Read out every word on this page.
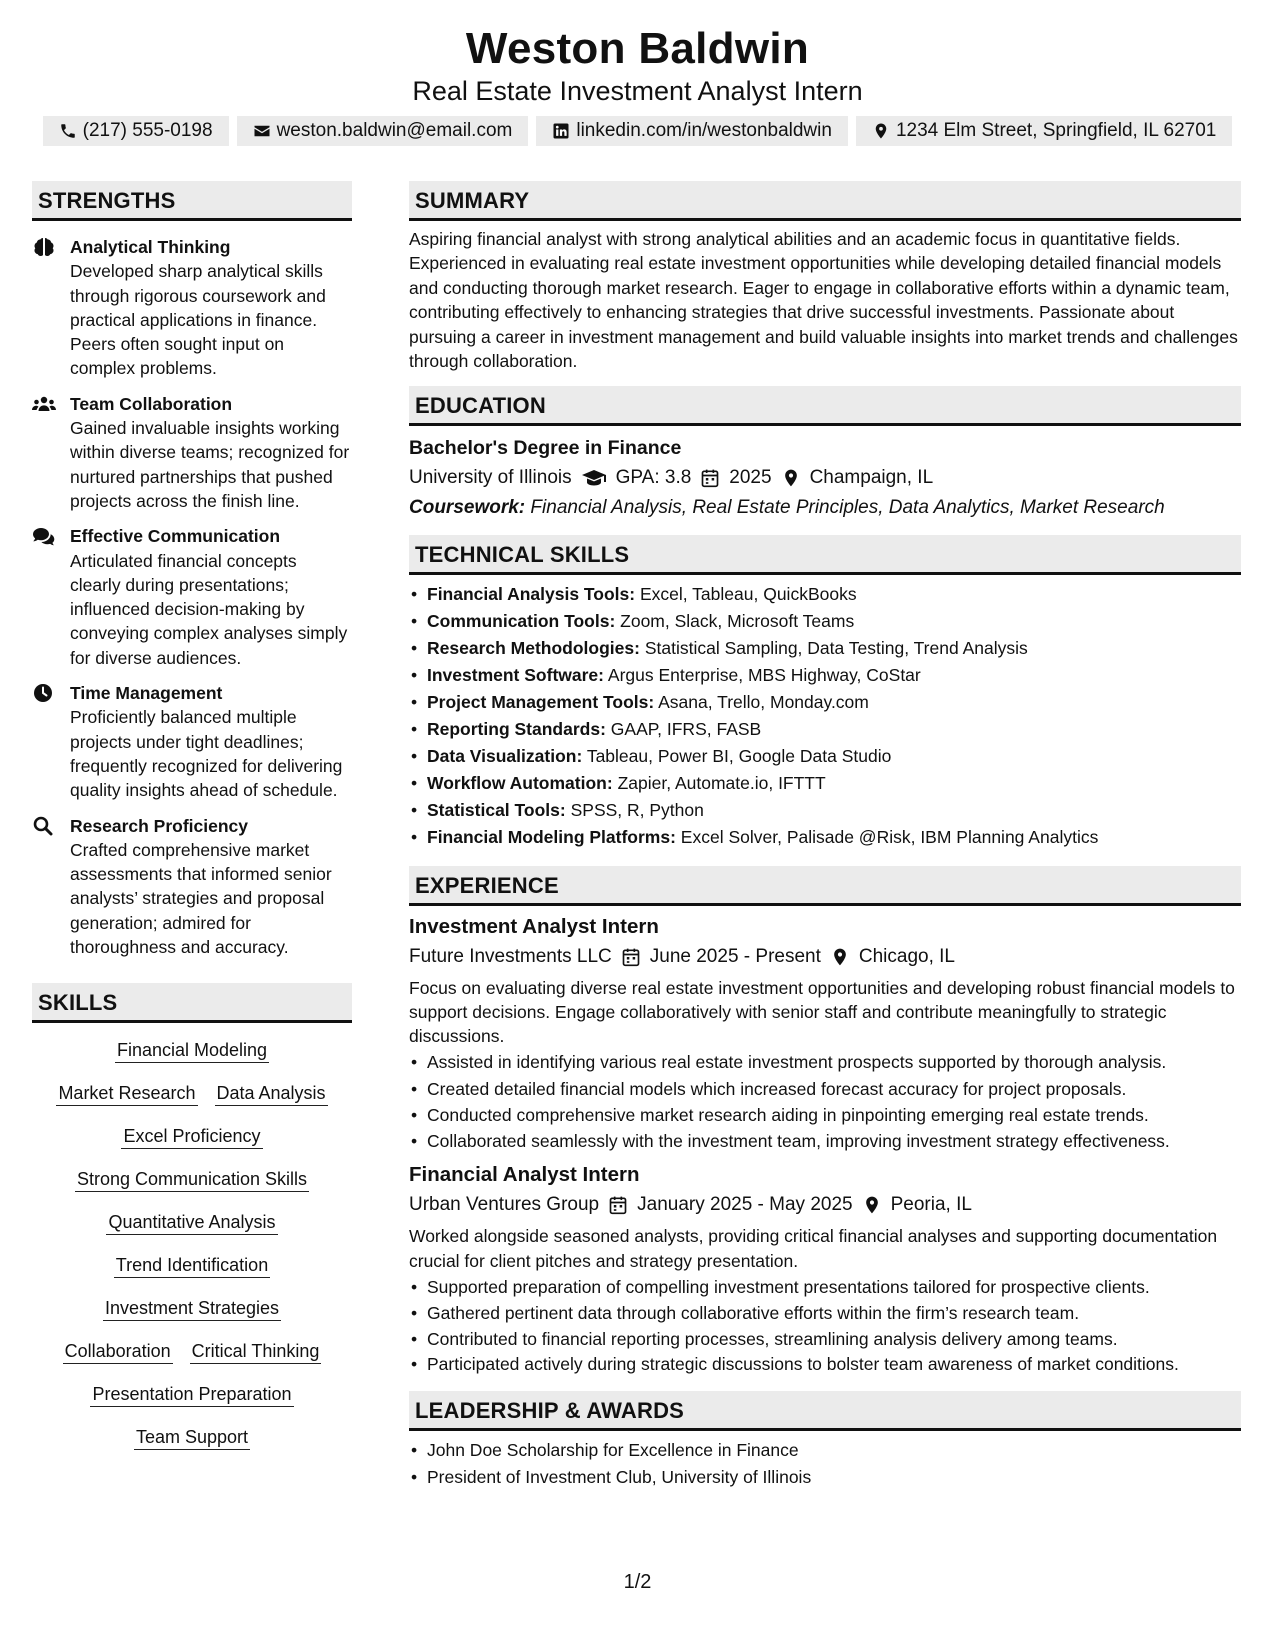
Weston Baldwin
Real Estate Investment Analyst Intern
(217) 555-0198	weston.baldwin@email.com	linkedin.com/in/westonbaldwin	1234 Elm Street, Springfield, IL 62701
STRENGTHS
Analytical Thinking
Developed sharp analytical skills through rigorous coursework and practical applications in finance. Peers often sought input on complex problems.
Team Collaboration
Gained invaluable insights working within diverse teams; recognized for nurtured partnerships that pushed projects across the finish line.
Effective Communication
Articulated financial concepts clearly during presentations; influenced decision-making by conveying complex analyses simply for diverse audiences.
Time Management
Proficiently balanced multiple projects under tight deadlines; frequently recognized for delivering quality insights ahead of schedule.
Research Proficiency
Crafted comprehensive market assessments that informed senior analysts’ strategies and proposal generation; admired for thoroughness and accuracy.
SKILLS
Financial Modeling
Market Research Data Analysis
Excel Proficiency
Strong Communication Skills
Quantitative Analysis
Trend Identification
Investment Strategies
Collaboration Critical Thinking
Presentation Preparation
Team Support
SUMMARY
Aspiring financial analyst with strong analytical abilities and an academic focus in quantitative fields. Experienced in evaluating real estate investment opportunities while developing detailed financial models and conducting thorough market research. Eager to engage in collaborative efforts within a dynamic team, contributing effectively to enhancing strategies that drive successful investments. Passionate about pursuing a career in investment management and build valuable insights into market trends and challenges through collaboration.
EDUCATION
Bachelor's Degree in Finance
University of Illinois GPA: 3.8 2025 Champaign, IL
Coursework: Financial Analysis, Real Estate Principles, Data Analytics, Market Research
TECHNICAL SKILLS
• Financial Analysis Tools: Excel, Tableau, QuickBooks
• Communication Tools: Zoom, Slack, Microsoft Teams
• Research Methodologies: Statistical Sampling, Data Testing, Trend Analysis
• Investment Software: Argus Enterprise, MBS Highway, CoStar
• Project Management Tools: Asana, Trello, Monday.com
• Reporting Standards: GAAP, IFRS, FASB
• Data Visualization: Tableau, Power BI, Google Data Studio
• Workflow Automation: Zapier, Automate.io, IFTTT
• Statistical Tools: SPSS, R, Python
• Financial Modeling Platforms: Excel Solver, Palisade @Risk, IBM Planning Analytics
EXPERIENCE
Investment Analyst Intern
Future Investments LLC June 2025 - Present Chicago, IL
Focus on evaluating diverse real estate investment opportunities and developing robust financial models to support decisions. Engage collaboratively with senior staff and contribute meaningfully to strategic discussions.
• Assisted in identifying various real estate investment prospects supported by thorough analysis.
• Created detailed financial models which increased forecast accuracy for project proposals.
• Conducted comprehensive market research aiding in pinpointing emerging real estate trends.
• Collaborated seamlessly with the investment team, improving investment strategy effectiveness.
Financial Analyst Intern
Urban Ventures Group January 2025 - May 2025 Peoria, IL
Worked alongside seasoned analysts, providing critical financial analyses and supporting documentation crucial for client pitches and strategy presentation.
• Supported preparation of compelling investment presentations tailored for prospective clients.
• Gathered pertinent data through collaborative efforts within the firm’s research team.
• Contributed to financial reporting processes, streamlining analysis delivery among teams.
• Participated actively during strategic discussions to bolster team awareness of market conditions.
LEADERSHIP & AWARDS
• John Doe Scholarship for Excellence in Finance
• President of Investment Club, University of Illinois
1/2
